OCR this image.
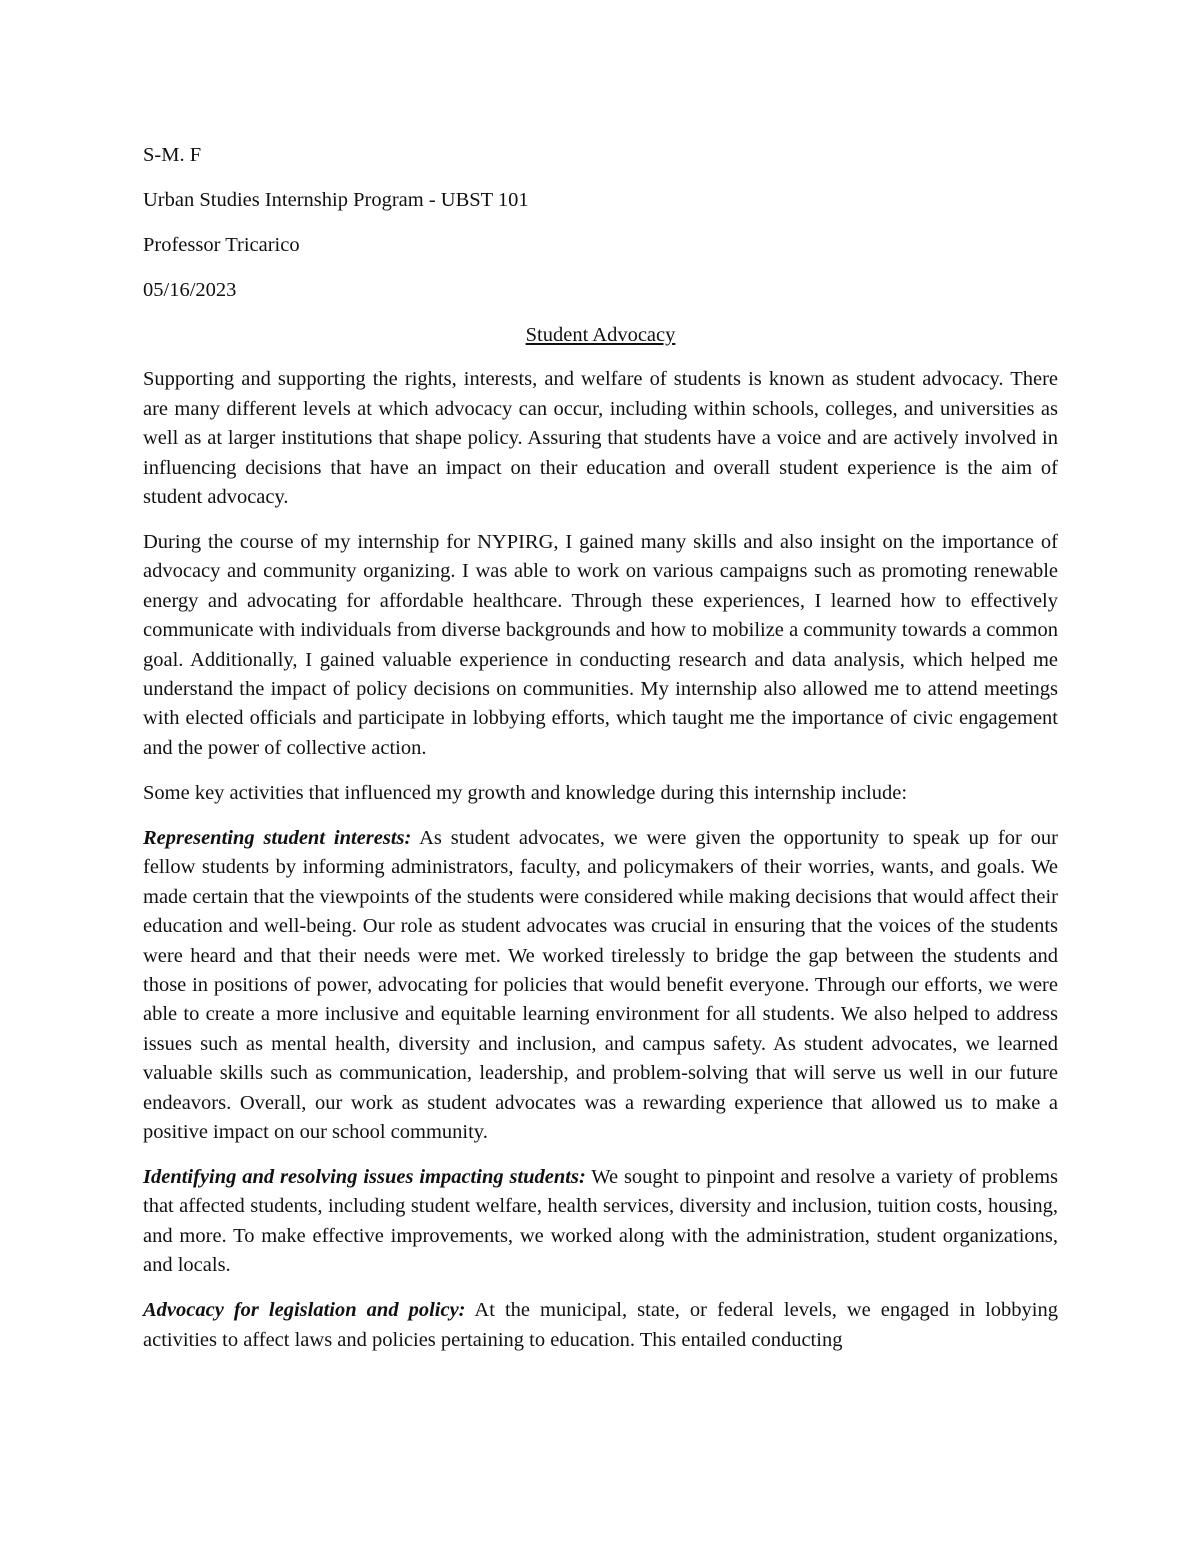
S-M. F
Urban Studies Internship Program - UBST 101
Professor Tricarico
05/16/2023
Student Advocacy

Supporting and supporting the rights, interests, and welfare of students is known as student advocacy. There are many different levels at which advocacy can occur, including within schools, colleges, and universities as well as at larger institutions that shape policy. Assuring that students have a voice and are actively involved in influencing decisions that have an impact on their education and overall student experience is the aim of student advocacy.

During the course of my internship for NYPIRG, I gained many skills and also insight on the importance of advocacy and community organizing. I was able to work on various campaigns such as promoting renewable energy and advocating for affordable healthcare. Through these experiences, I learned how to effectively communicate with individuals from diverse backgrounds and how to mobilize a community towards a common goal. Additionally, I gained valuable experience in conducting research and data analysis, which helped me understand the impact of policy decisions on communities. My internship also allowed me to attend meetings with elected officials and participate in lobbying efforts, which taught me the importance of civic engagement and the power of collective action.

Some key activities that influenced my growth and knowledge during this internship include:

Representing student interests: As student advocates, we were given the opportunity to speak up for our fellow students by informing administrators, faculty, and policymakers of their worries, wants, and goals. We made certain that the viewpoints of the students were considered while making decisions that would affect their education and well-being. Our role as student advocates was crucial in ensuring that the voices of the students were heard and that their needs were met. We worked tirelessly to bridge the gap between the students and those in positions of power, advocating for policies that would benefit everyone. Through our efforts, we were able to create a more inclusive and equitable learning environment for all students. We also helped to address issues such as mental health, diversity and inclusion, and campus safety. As student advocates, we learned valuable skills such as communication, leadership, and problem-solving that will serve us well in our future endeavors. Overall, our work as student advocates was a rewarding experience that allowed us to make a positive impact on our school community.

Identifying and resolving issues impacting students: We sought to pinpoint and resolve a variety of problems that affected students, including student welfare, health services, diversity and inclusion, tuition costs, housing, and more. To make effective improvements, we worked along with the administration, student organizations, and locals.

Advocacy for legislation and policy: At the municipal, state, or federal levels, we engaged in lobbying activities to affect laws and policies pertaining to education. This entailed conducting
